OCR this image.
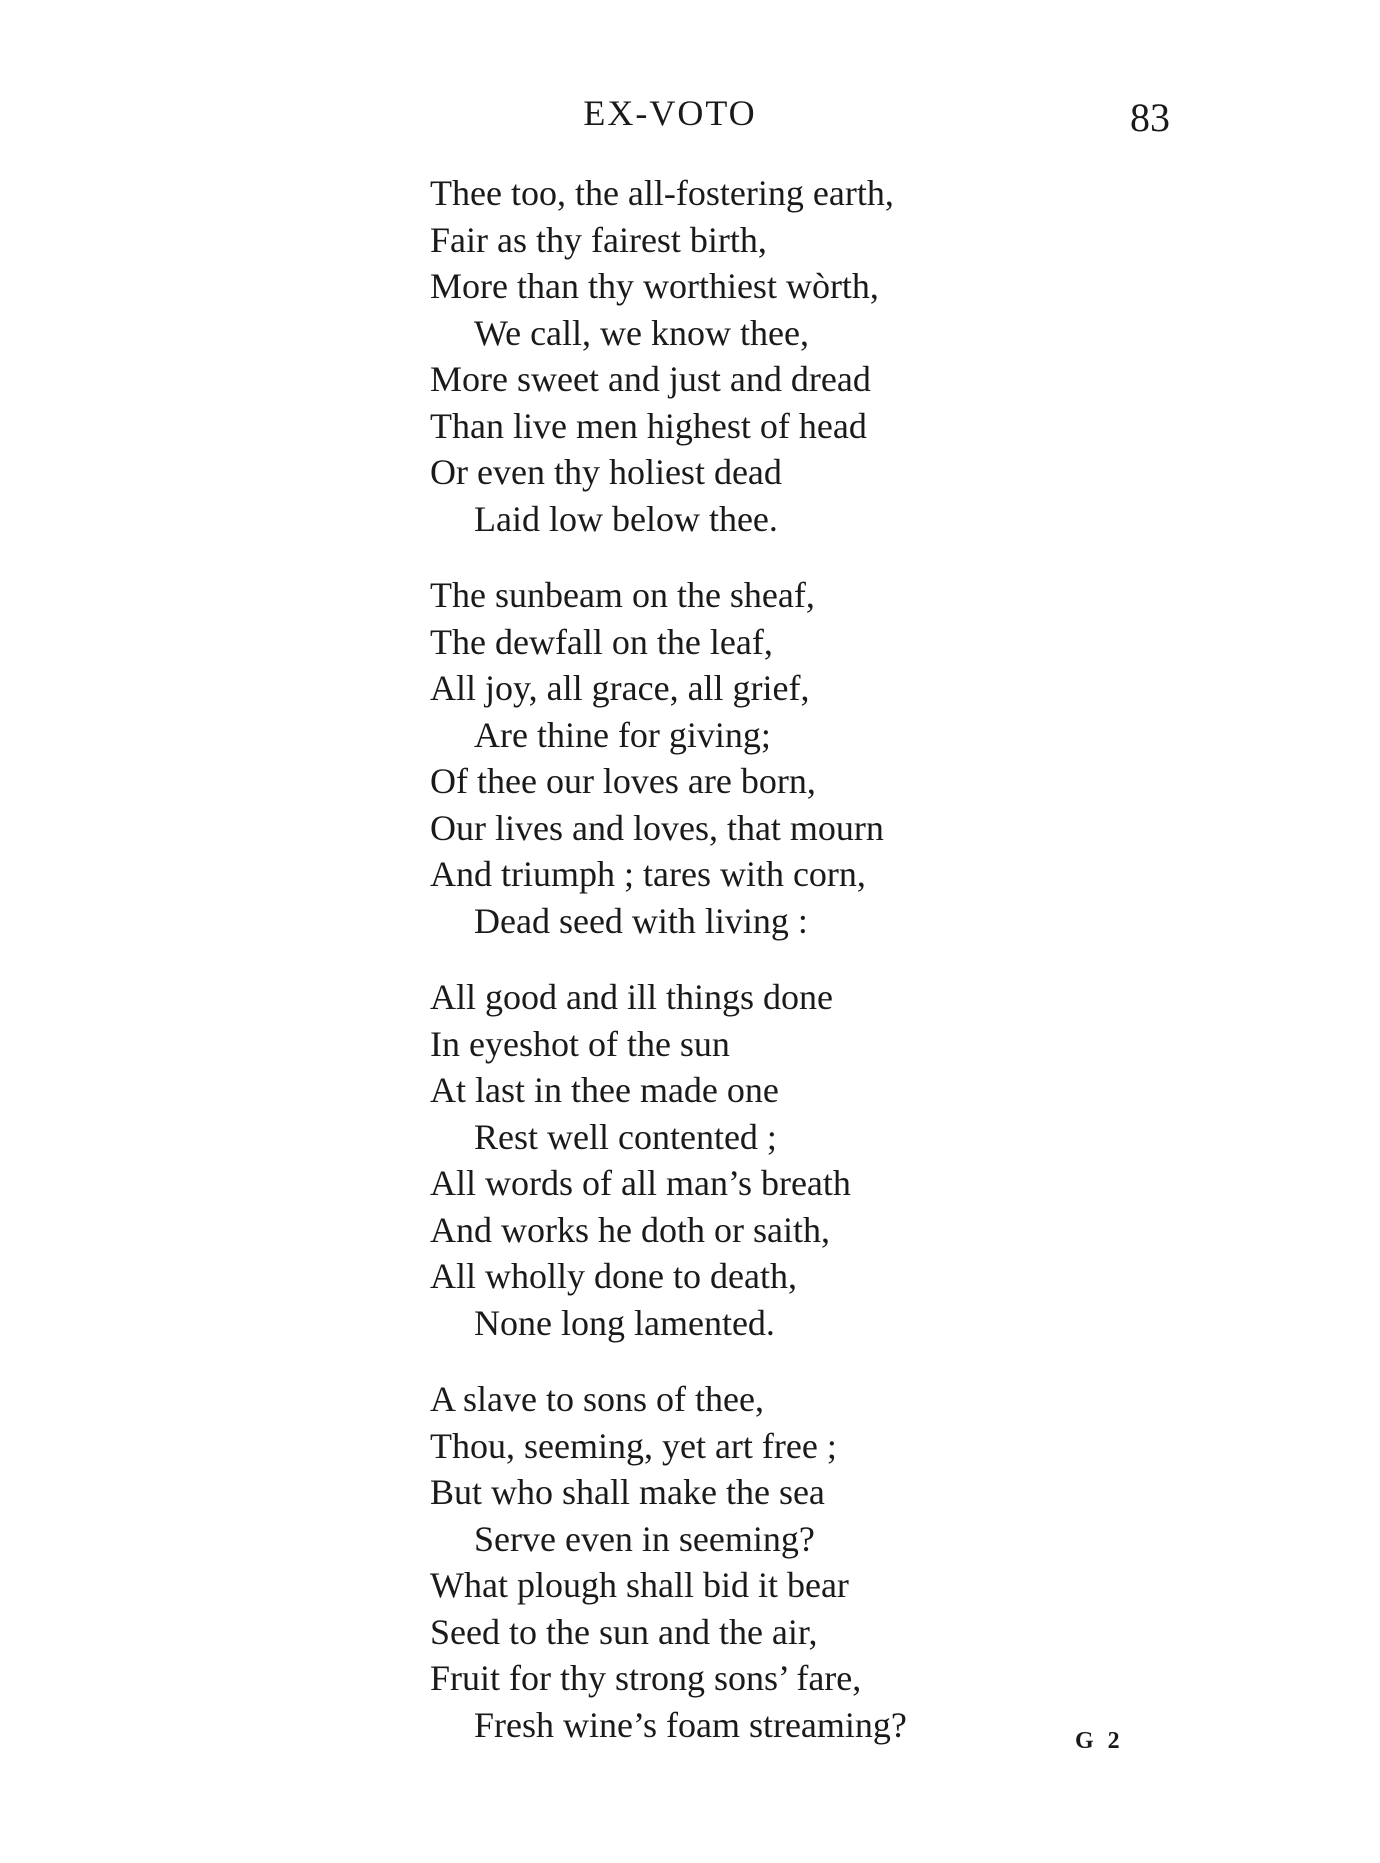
EX-VOTO	83
Thee too, the all-fostering earth,
Fair as thy fairest birth,
More than thy worthiest wòrth,
We call, we know thee,
More sweet and just and dread
Than live men highest of head
Or even thy holiest dead
Laid low below thee.
The sunbeam on the sheaf,
The dewfall on the leaf,
All joy, all grace, all grief,
Are thine for giving;
Of thee our loves are born,
Our lives and loves, that mourn
And triumph ; tares with corn,
Dead seed with living :
All good and ill things done
In eyeshot of the sun
At last in thee made one
Rest well contented ;
All words of all man’s breath
And works he doth or saith,
All wholly done to death,
None long lamented.
A slave to sons of thee,
Thou, seeming, yet art free ;
But who shall make the sea
Serve even in seeming?
What plough shall bid it bear
Seed to the sun and the air,
Fruit for thy strong sons’ fare,
Fresh wine’s foam streaming?	G 2
